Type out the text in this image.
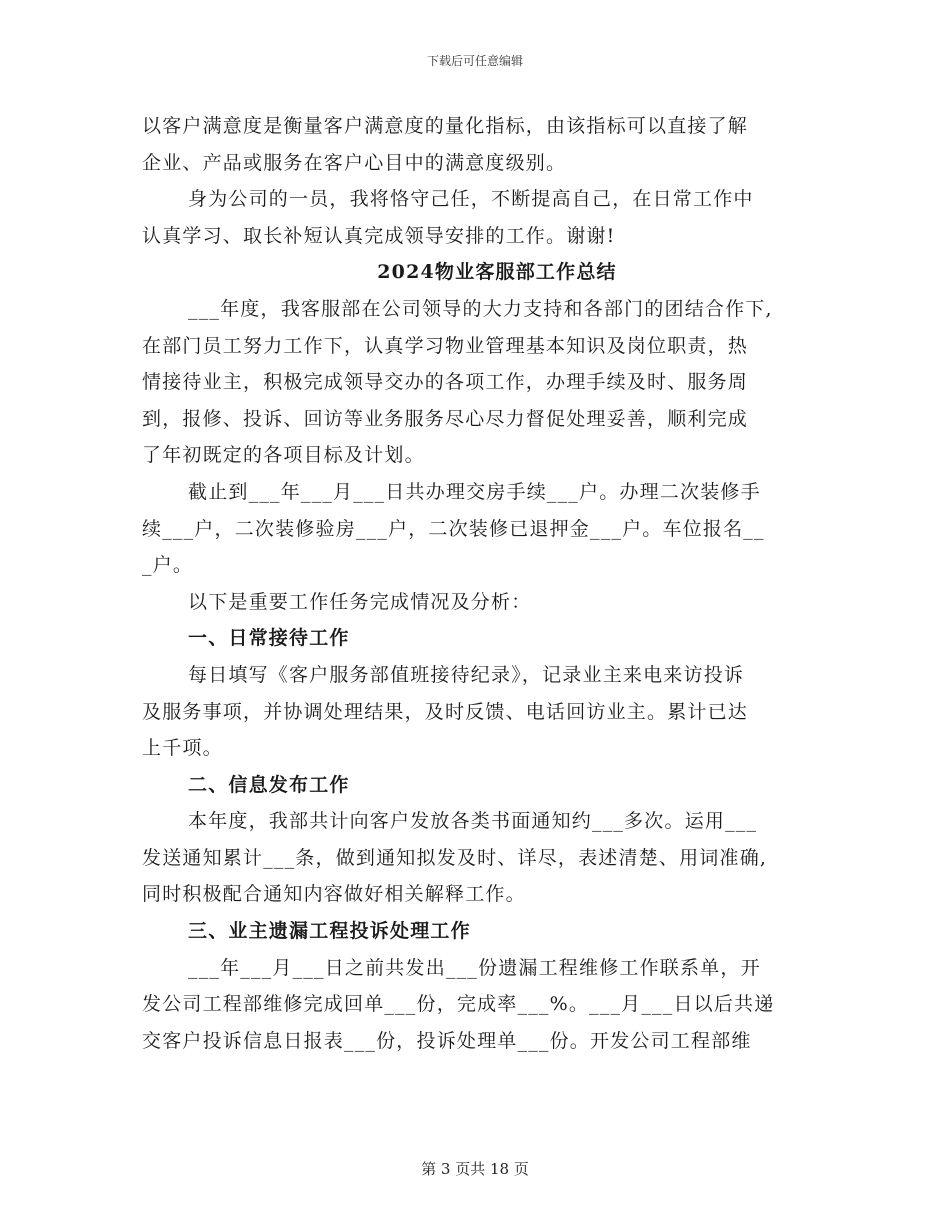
下载后可任意编辑
以客户满意度是衡量客户满意度的量化指标，由该指标可以直接了解
企业、产品或服务在客户心目中的满意度级别。
身为公司的一员，我将恪守己任，不断提高自己，在日常工作中
认真学习、取长补短认真完成领导安排的工作。谢谢!
2024物业客服部工作总结
___年度，我客服部在公司领导的大力支持和各部门的团结合作下,
在部门员工努力工作下，认真学习物业管理基本知识及岗位职责，热
情接待业主，积极完成领导交办的各项工作，办理手续及时、服务周
到，报修、投诉、回访等业务服务尽心尽力督促处理妥善，顺利完成
了年初既定的各项目标及计划。
截止到___年___月___日共办理交房手续___户。办理二次装修手
续___户，二次装修验房___户，二次装修已退押金___户。车位报名__
_户。
以下是重要工作任务完成情况及分析：
一、日常接待工作
每日填写《客户服务部值班接待纪录》，记录业主来电来访投诉
及服务事项，并协调处理结果，及时反馈、电话回访业主。累计已达
上千项。
二、信息发布工作
本年度，我部共计向客户发放各类书面通知约___多次。运用___
发送通知累计___条，做到通知拟发及时、详尽，表述清楚、用词准确,
同时积极配合通知内容做好相关解释工作。
三、业主遗漏工程投诉处理工作
___年___月___日之前共发出___份遗漏工程维修工作联系单，开
发公司工程部维修完成回单___份，完成率___%。___月___日以后共递
交客户投诉信息日报表___份，投诉处理单___份。开发公司工程部维
第 3 页共 18 页
